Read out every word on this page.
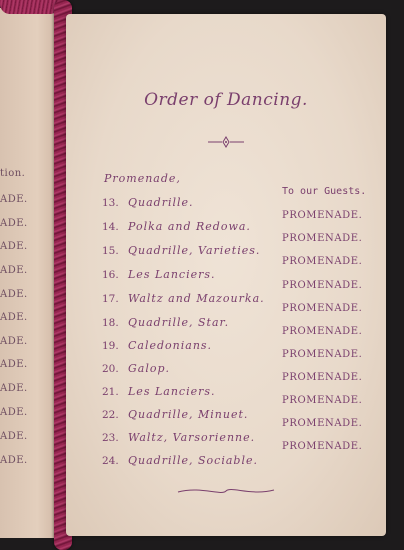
tion.
ADE.
ADE.
ADE.
ADE.
ADE.
ADE.
ADE.
ADE.
ADE.
ADE.
ADE.
ADE.
Order of Dancing.
Promenade,
To our Guests.
13. Quadrille.
14. Polka and Redowa.
15. Quadrille, Varieties.
16. Les Lanciers.
17. Waltz and Mazourka.
18. Quadrille, Star.
19. Caledonians.
20. Galop.
21. Les Lanciers.
22. Quadrille, Minuet.
23. Waltz, Varsorienne.
24. Quadrille, Sociable.
PROMENADE.
PROMENADE.
PROMENADE.
PROMENADE.
PROMENADE.
PROMENADE.
PROMENADE.
PROMENADE.
PROMENADE.
PROMENADE.
PROMENADE.
